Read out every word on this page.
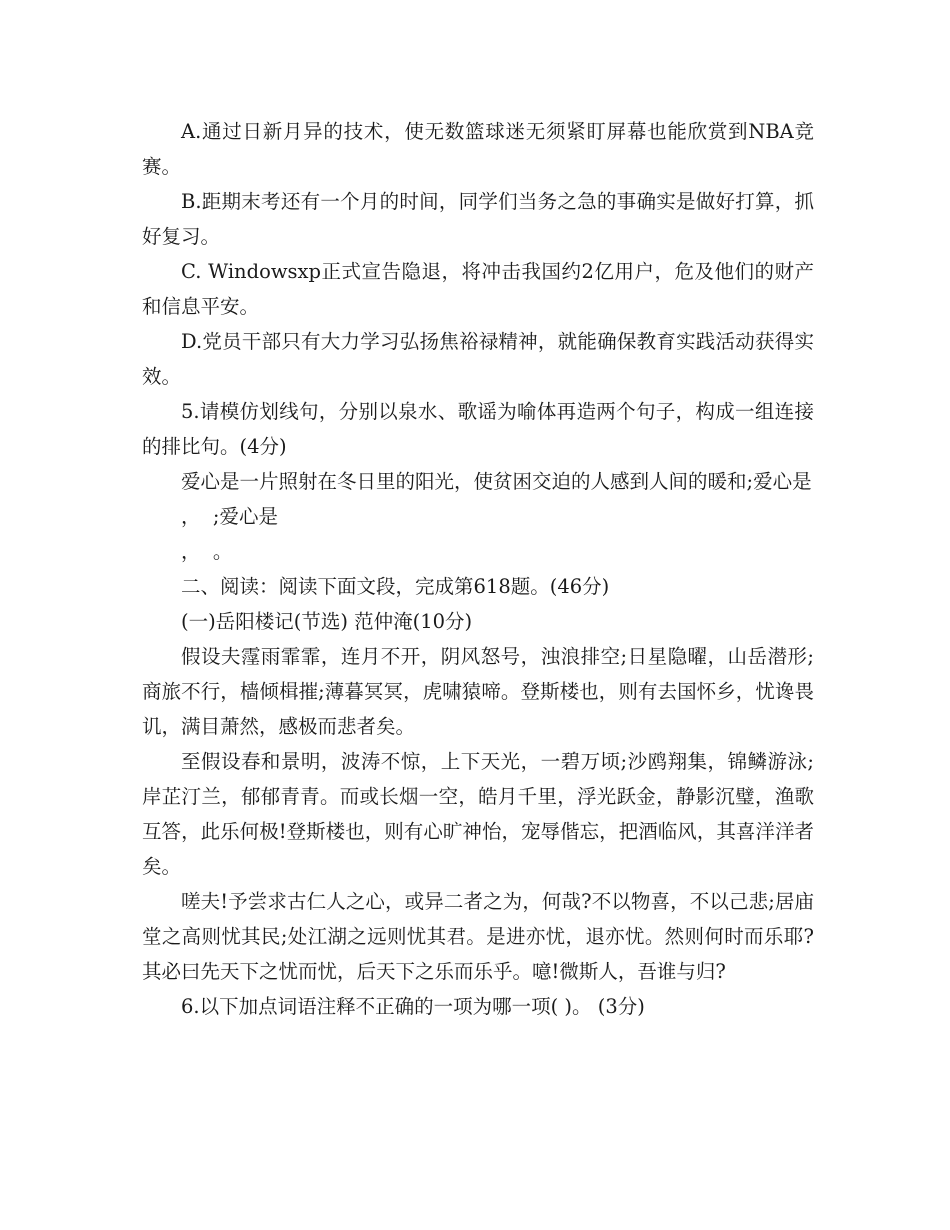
A.通过日新月异的技术，使无数篮球迷无须紧盯屏幕也能欣赏到NBA竞赛。

B.距期末考还有一个月的时间，同学们当务之急的事确实是做好打算，抓好复习。

C. Windowsxp正式宣告隐退，将冲击我国约2亿用户，危及他们的财产和信息平安。

D.党员干部只有大力学习弘扬焦裕禄精神，就能确保教育实践活动获得实效。

5.请模仿划线句，分别以泉水、歌谣为喻体再造两个句子，构成一组连接的排比句。(4分)

爱心是一片照射在冬日里的阳光，使贫困交迫的人感到人间的暖和;爱心是

，  ;爱心是

，  。

二、阅读：阅读下面文段，完成第618题。(46分)

(一)岳阳楼记(节选) 范仲淹(10分)

假设夫霪雨霏霏，连月不开，阴风怒号，浊浪排空;日星隐曜，山岳潜形;商旅不行，樯倾楫摧;薄暮冥冥，虎啸猿啼。登斯楼也，则有去国怀乡，忧谗畏讥，满目萧然，感极而悲者矣。

至假设春和景明，波涛不惊，上下天光，一碧万顷;沙鸥翔集，锦鳞游泳;岸芷汀兰，郁郁青青。而或长烟一空，皓月千里，浮光跃金，静影沉璧，渔歌互答，此乐何极!登斯楼也，则有心旷神怡，宠辱偕忘，把酒临风，其喜洋洋者矣。

嗟夫!予尝求古仁人之心，或异二者之为，何哉?不以物喜，不以己悲;居庙堂之高则忧其民;处江湖之远则忧其君。是进亦忧，退亦忧。然则何时而乐耶?其必曰先天下之忧而忧，后天下之乐而乐乎。噫!微斯人，吾谁与归?

6.以下加点词语注释不正确的一项为哪一项( )。 (3分)
